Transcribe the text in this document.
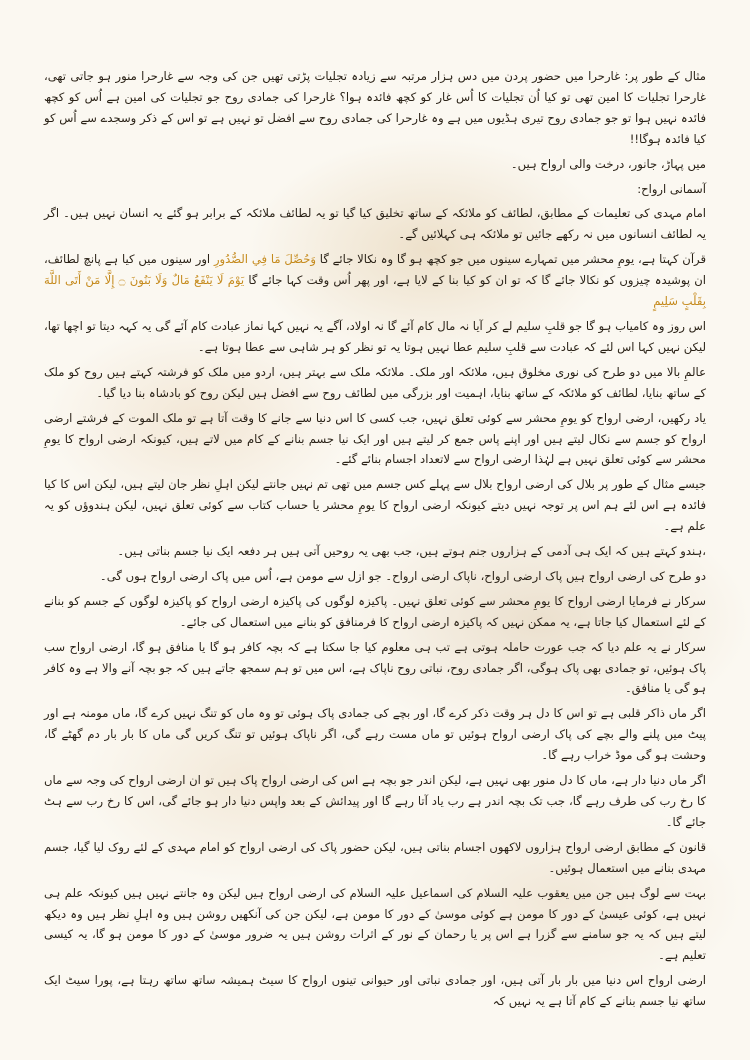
مثال کے طور پر: غارحرا میں حضور پردن میں دس ہزار مرتبہ سے زیادہ تجلیات پڑتی تھیں جن کی وجہ سے غارحرا منور ہو جاتی تھی، غارحرا تجلیات کا امین تھی تو کیا اُن تجلیات کا اُس غار کو کچھ فائدہ ہوا؟ غارحرا کی جمادی روح جو تجلیات کی امین ہے اُس کو کچھ فائدہ نہیں ہوا تو جو جمادی روح تیری ہڈیوں میں ہے وہ غارحرا کی جمادی روح سے افضل تو نہیں ہے تو اس کے ذکر وسجدے سے اُس کو کیا فائدہ ہوگا!!

میں پہاڑ، جانور، درخت والی ارواح ہیں۔

آسمانی ارواح:

امام مہدی کی تعلیمات کے مطابق، لطائف کو ملائکہ کے ساتھ تخلیق کیا گیا تو یہ لطائف ملائکہ کے برابر ہو گئے یہ انسان نہیں ہیں۔ اگر یہ لطائف انسانوں میں نہ رکھے جائیں تو ملائکہ ہی کہلائیں گے۔

قرآن کہتا ہے، یومِ محشر میں تمہارے سینوں میں جو کچھ ہو گا وہ نکالا جائے گا وَحُصِّلَ مَا فِي الصُّدُورِ اور سینوں میں کیا ہے پانچ لطائف، ان پوشیدہ چیزوں کو نکالا جائے گا کہ تو ان کو کیا بنا کے لایا ہے، اور پھر اُس وقت کہا جائے گا يَوْمَ لَا يَنْفَعُ مَالٌ وَلَا بَنُونَ ۝ إِلَّا مَنْ أَتَى اللَّهَ بِقَلْبٍ سَلِيمٍ

اس روز وہ کامیاب ہو گا جو قلبِ سلیم لے کر آیا نہ مال کام آئے گا نہ اولاد، آگے یہ نہیں کہا نماز عبادت کام آئے گی یہ کہہ دیتا تو اچھا تھا، لیکن نہیں کہا اس لئے کہ عبادت سے قلبِ سلیم عطا نہیں ہوتا یہ تو نظر کو ہر شاہی سے عطا ہوتا ہے۔

عالمِ بالا میں دو طرح کی نوری مخلوق ہیں، ملائکہ اور ملک۔ ملائکہ ملک سے بہتر ہیں، اردو میں ملک کو فرشتہ کہتے ہیں روح کو ملک کے ساتھ بنایا، لطائف کو ملائکہ کے ساتھ بنایا، اہمیت اور بزرگی میں لطائف روح سے افضل ہیں لیکن روح کو بادشاہ بنا دیا گیا۔

یاد رکھیں، ارضی ارواح کو یومِ محشر سے کوئی تعلق نہیں، جب کسی کا اس دنیا سے جانے کا وقت آتا ہے تو ملک الموت کے فرشتے ارضی ارواح کو جسم سے نکال لیتے ہیں اور اپنے پاس جمع کر لیتے ہیں اور ایک نیا جسم بنانے کے کام میں لاتے ہیں، کیونکہ ارضی ارواح کا یومِ محشر سے کوئی تعلق نہیں ہے لہٰذا ارضی ارواح سے لاتعداد اجسام بنائے گئے۔

جیسے مثال کے طور پر بلال کی ارضی ارواح بلال سے پہلے کس جسم میں تھی تم نہیں جانتے لیکن اہلِ نظر جان لیتے ہیں، لیکن اس کا کیا فائدہ ہے اس لئے ہم اس پر توجہ نہیں دیتے کیونکہ ارضی ارواح کا یومِ محشر یا حساب کتاب سے کوئی تعلق نہیں، لیکن ہندوؤں کو یہ علم ہے۔

،ہندو کہتے ہیں کہ ایک ہی آدمی کے ہزاروں جنم ہوتے ہیں، جب بھی یہ روحیں آتی ہیں ہر دفعہ ایک نیا جسم بناتی ہیں۔

دو طرح کی ارضی ارواح ہیں پاک ارضی ارواح، ناپاک ارضی ارواح۔ جو ازل سے مومن ہے، اُس میں پاک ارضی ارواح ہوں گی۔

سرکار نے فرمایا ارضی ارواح کا یومِ محشر سے کوئی تعلق نہیں۔ پاکیزہ لوگوں کی پاکیزہ ارضی ارواح کو پاکیزہ لوگوں کے جسم کو بنانے کے لئے استعمال کیا جاتا ہے، یہ ممکن نہیں کہ پاکیزہ ارضی ارواح کا فرمنافق کو بنانے میں استعمال کی جائے۔

سرکار نے یہ علم دیا کہ جب عورت حاملہ ہوتی ہے تب ہی معلوم کیا جا سکتا ہے کہ بچہ کافر ہو گا یا منافق ہو گا، ارضی ارواح سب پاک ہوئیں، تو جمادی بھی پاک ہوگی، اگر جمادی روح، نباتی روح ناپاک ہے، اس میں تو ہم سمجھ جاتے ہیں کہ جو بچہ آنے والا ہے وہ کافر ہو گی یا منافق۔

اگر ماں ذاکر قلبی ہے تو اس کا دل ہر وقت ذکر کرے گا، اور بچے کی جمادی پاک ہوئی تو وہ ماں کو تنگ نہیں کرے گا، ماں مومنہ ہے اور پیٹ میں پلنے والے بچے کی پاک ارضی ارواح ہوئیں تو ماں مست رہے گی، اگر ناپاک ہوئیں تو تنگ کریں گی ماں کا بار بار دم گھٹے گا، وحشت ہو گی موڈ خراب رہے گا۔

اگر ماں دنیا دار ہے، ماں کا دل منور بھی نہیں ہے، لیکن اندر جو بچہ ہے اس کی ارضی ارواح پاک ہیں تو ان ارضی ارواح کی وجہ سے ماں کا رخ رب کی طرف رہے گا، جب تک بچہ اندر ہے رب یاد آتا رہے گا اور پیدائش کے بعد واپس دنیا دار ہو جائے گی، اس کا رخ رب سے ہٹ جائے گا۔

قانون کے مطابق ارضی ارواح ہزاروں لاکھوں اجسام بناتی ہیں، لیکن حضور پاک کی ارضی ارواح کو امام مہدی کے لئے روک لیا گیا، جسم مہدی بنانے میں استعمال ہوئیں۔

بہت سے لوگ ہیں جن میں یعقوب علیہ السلام کی اسماعیل علیہ السلام کی ارضی ارواح ہیں لیکن وہ جانتے نہیں ہیں کیونکہ علم ہی نہیں ہے، کوئی عیسیٰ کے دور کا مومن ہے کوئی موسیٰ کے دور کا مومن ہے، لیکن جن کی آنکھیں روشن ہیں وہ اہلِ نظر ہیں وہ دیکھ لیتے ہیں کہ یہ جو سامنے سے گزرا ہے اس پر یا رحمان کے نور کے اثرات روشن ہیں یہ ضرور موسیٰ کے دور کا مومن ہو گا، یہ کیسی تعلیم ہے۔

ارضی ارواح اس دنیا میں بار بار آتی ہیں، اور جمادی نباتی اور حیوانی تینوں ارواح کا سیٹ ہمیشہ ساتھ ساتھ رہتا ہے، پورا سیٹ ایک ساتھ نیا جسم بنانے کے کام آتا ہے یہ نہیں کہ
